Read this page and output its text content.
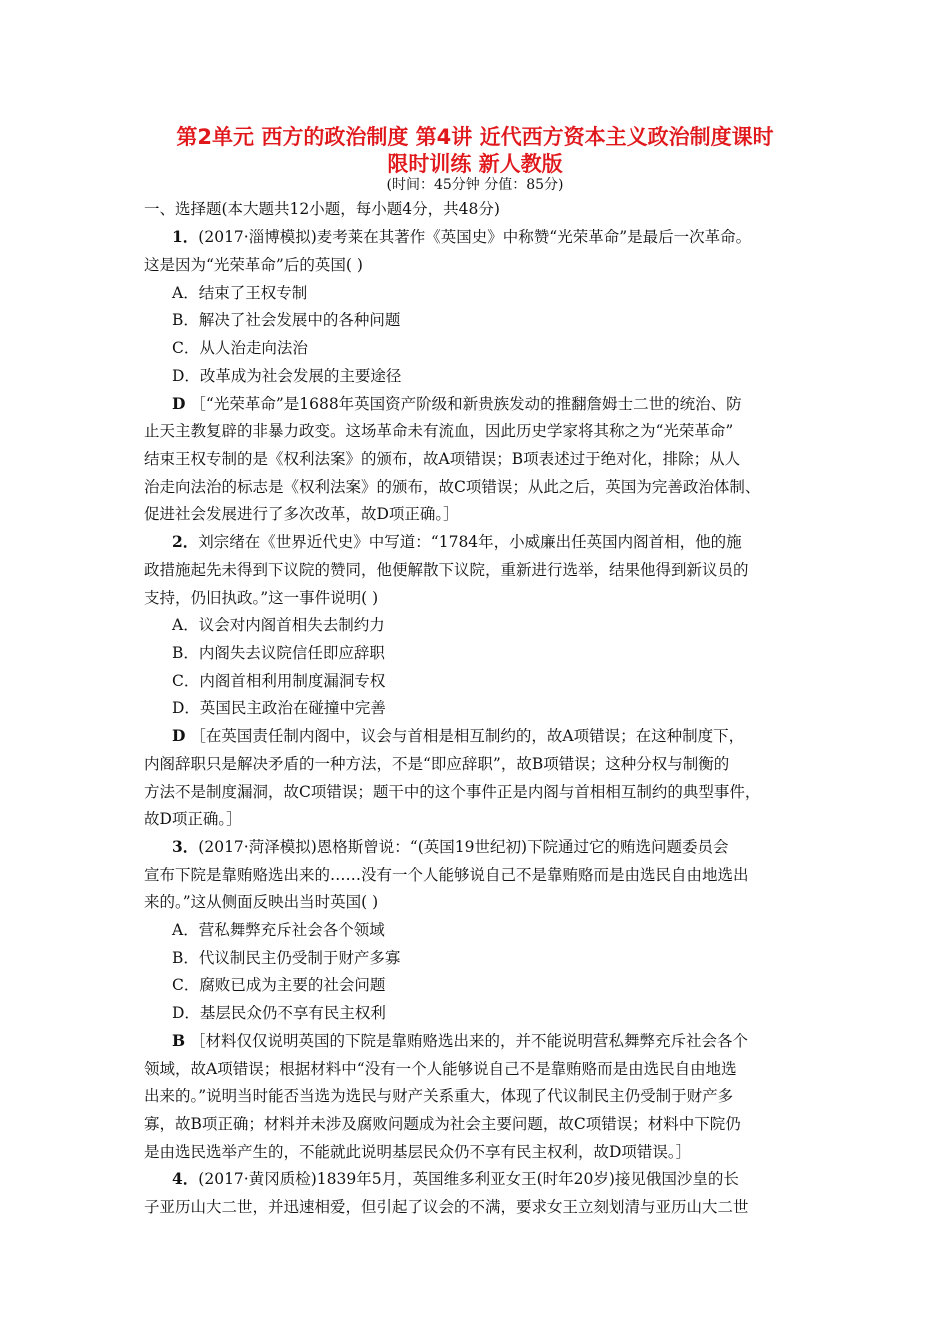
第2单元 西方的政治制度 第4讲 近代西方资本主义政治制度课时
限时训练 新人教版
(时间：45分钟 分值：85分)
一、选择题(本大题共12小题，每小题4分，共48分)
1．(2017·淄博模拟)麦考莱在其著作《英国史》中称赞“光荣革命”是最后一次革命。
这是因为“光荣革命”后的英国( )
A．结束了王权专制
B．解决了社会发展中的各种问题
C．从人治走向法治
D．改革成为社会发展的主要途径
D ［“光荣革命”是1688年英国资产阶级和新贵族发动的推翻詹姆士二世的统治、防
止天主教复辟的非暴力政变。这场革命未有流血，因此历史学家将其称之为“光荣革命”
结束王权专制的是《权利法案》的颁布，故A项错误；B项表述过于绝对化，排除；从人
治走向法治的标志是《权利法案》的颁布，故C项错误；从此之后，英国为完善政治体制、
促进社会发展进行了多次改革，故D项正确。］
2．刘宗绪在《世界近代史》中写道：“1784年，小威廉出任英国内阁首相，他的施
政措施起先未得到下议院的赞同，他便解散下议院，重新进行选举，结果他得到新议员的
支持，仍旧执政。”这一事件说明( )
A．议会对内阁首相失去制约力
B．内阁失去议院信任即应辞职
C．内阁首相利用制度漏洞专权
D．英国民主政治在碰撞中完善
D ［在英国责任制内阁中，议会与首相是相互制约的，故A项错误；在这种制度下，
内阁辞职只是解决矛盾的一种方法，不是“即应辞职”，故B项错误；这种分权与制衡的
方法不是制度漏洞，故C项错误；题干中的这个事件正是内阁与首相相互制约的典型事件，
故D项正确。］
3．(2017·菏泽模拟)恩格斯曾说：“(英国19世纪初)下院通过它的贿选问题委员会
宣布下院是靠贿赂选出来的……没有一个人能够说自己不是靠贿赂而是由选民自由地选出
来的。”这从侧面反映出当时英国( )
A．营私舞弊充斥社会各个领域
B．代议制民主仍受制于财产多寡
C．腐败已成为主要的社会问题
D．基层民众仍不享有民主权利
B ［材料仅仅说明英国的下院是靠贿赂选出来的，并不能说明营私舞弊充斥社会各个
领域，故A项错误；根据材料中“没有一个人能够说自己不是靠贿赂而是由选民自由地选
出来的。”说明当时能否当选为选民与财产关系重大，体现了代议制民主仍受制于财产多
寡，故B项正确；材料并未涉及腐败问题成为社会主要问题，故C项错误；材料中下院仍
是由选民选举产生的，不能就此说明基层民众仍不享有民主权利，故D项错误。］
4．(2017·黄冈质检)1839年5月，英国维多利亚女王(时年20岁)接见俄国沙皇的长
子亚历山大二世，并迅速相爱，但引起了议会的不满，要求女王立刻划清与亚历山大二世
